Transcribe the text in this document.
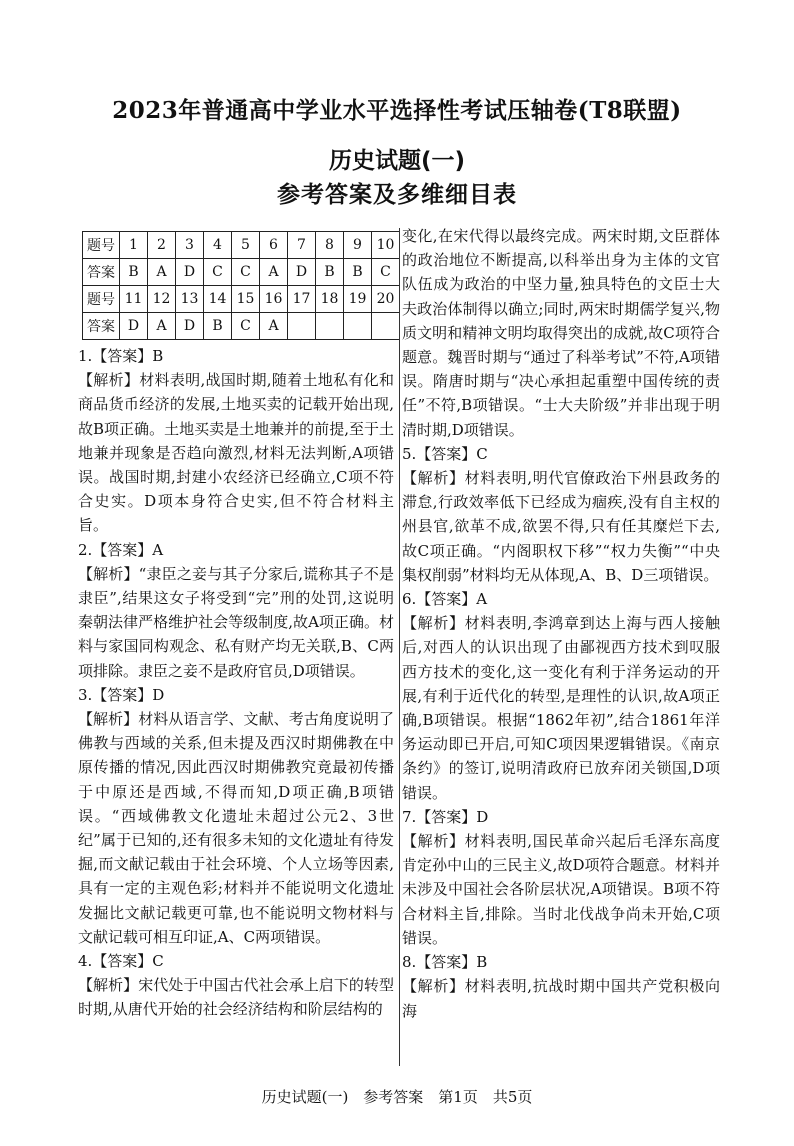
2023年普通高中学业水平选择性考试压轴卷(T8联盟)
历史试题(一)
参考答案及多维细目表
题号	1	2	3	4	5	6	7	8	9	10
答案	B	A	D	C	C	A	D	B	B	C
题号	11	12	13	14	15	16	17	18	19	20
答案	D	A	D	B	C	A				

1.【答案】B

【解析】材料表明,战国时期,随着土地私有化和商品货币经济的发展,土地买卖的记载开始出现,故B项正确。土地买卖是土地兼并的前提,至于土地兼并现象是否趋向激烈,材料无法判断,A项错误。战国时期,封建小农经济已经确立,C项不符合史实。D项本身符合史实,但不符合材料主旨。

2.【答案】A

【解析】“隶臣之妾与其子分家后,谎称其子不是隶臣”,结果这女子将受到“完”刑的处罚,这说明秦朝法律严格维护社会等级制度,故A项正确。材料与家国同构观念、私有财产均无关联,B、C两项排除。隶臣之妾不是政府官员,D项错误。

3.【答案】D

【解析】材料从语言学、文献、考古角度说明了佛教与西域的关系,但未提及西汉时期佛教在中原传播的情况,因此西汉时期佛教究竟最初传播于中原还是西域,不得而知,D项正确,B项错误。“西域佛教文化遗址未超过公元2、3世纪”属于已知的,还有很多未知的文化遗址有待发掘,而文献记载由于社会环境、个人立场等因素,具有一定的主观色彩;材料并不能说明文化遗址发掘比文献记载更可靠,也不能说明文物材料与文献记载可相互印证,A、C两项错误。

4.【答案】C

【解析】宋代处于中国古代社会承上启下的转型时期,从唐代开始的社会经济结构和阶层结构的

变化,在宋代得以最终完成。两宋时期,文臣群体的政治地位不断提高,以科举出身为主体的文官队伍成为政治的中坚力量,独具特色的文臣士大夫政治体制得以确立;同时,两宋时期儒学复兴,物质文明和精神文明均取得突出的成就,故C项符合题意。魏晋时期与“通过了科举考试”不符,A项错误。隋唐时期与“决心承担起重塑中国传统的责任”不符,B项错误。“士大夫阶级”并非出现于明清时期,D项错误。

5.【答案】C

【解析】材料表明,明代官僚政治下州县政务的滞怠,行政效率低下已经成为痼疾,没有自主权的州县官,欲革不成,欲罢不得,只有任其糜烂下去,故C项正确。“内阁职权下移”“权力失衡”“中央集权削弱”材料均无从体现,A、B、D三项错误。

6.【答案】A

【解析】材料表明,李鸿章到达上海与西人接触后,对西人的认识出现了由鄙视西方技术到叹服西方技术的变化,这一变化有利于洋务运动的开展,有利于近代化的转型,是理性的认识,故A项正确,B项错误。根据“1862年初”,结合1861年洋务运动即已开启,可知C项因果逻辑错误。《南京条约》的签订,说明清政府已放弃闭关锁国,D项错误。

7.【答案】D

【解析】材料表明,国民革命兴起后毛泽东高度肯定孙中山的三民主义,故D项符合题意。材料并未涉及中国社会各阶层状况,A项错误。B项不符合材料主旨,排除。当时北伐战争尚未开始,C项错误。

8.【答案】B

【解析】材料表明,抗战时期中国共产党积极向海

历史试题(一)　参考答案　第1页　共5页
